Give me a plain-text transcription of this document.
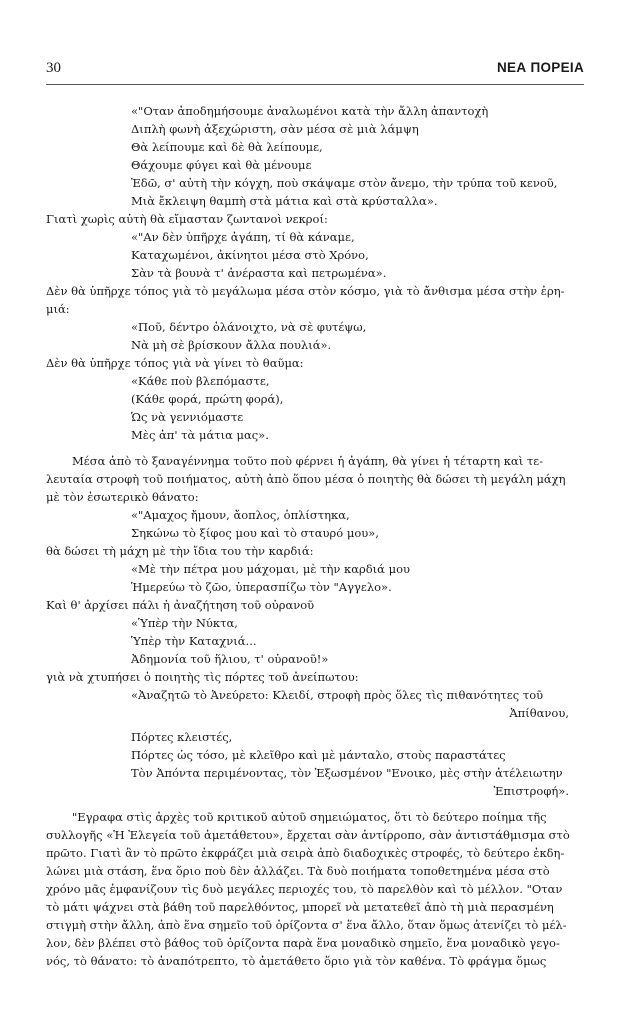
30	ΝΕΑ ΠΟΡΕΙΑ
«"Οταν ἀποδημήσουμε ἀναλωμένοι κατὰ τὴν ἄλλη ἀπαντοχὴ
Διπλὴ φωνὴ ἀξεχώριστη, σὰν μέσα σὲ μιὰ λάμψη
Θὰ λείπουμε καὶ δὲ θὰ λείπουμε,
Θάχουμε φύγει καὶ θὰ μένουμε
Ἐδῶ, σ' αὐτὴ τὴν κόγχη, ποὺ σκάψαμε στὸν ἄνεμο, τὴν τρύπα τοῦ κενοῦ,
Μιὰ ἔκλειψη θαμπὴ στὰ μάτια καὶ στὰ κρύσταλλα».
Γιατὶ χωρὶς αὐτὴ θὰ εἴμασταν ζωντανοὶ νεκροί:
«"Αν δὲν ὑπῆρχε ἀγάπη, τί θὰ κάναμε,
Καταχωμένοι, ἀκίνητοι μέσα στὸ Χρόνο,
Σὰν τὰ βουνὰ τ' ἀνέραστα καὶ πετρωμένα».
Δὲν θὰ ὑπῆρχε τόπος γιὰ τὸ μεγάλωμα μέσα στὸν κόσμο, γιὰ τὸ ἄνθισμα μέσα στὴν ἐρη-
μιά:
«Ποῦ, δέντρο ὁλάνοιχτο, νὰ σὲ φυτέψω,
Νὰ μὴ σὲ βρίσκουν ἄλλα πουλιά».
Δὲν θὰ ὑπῆρχε τόπος γιὰ νὰ γίνει τὸ θαῦμα:
«Κάθε ποὺ βλεπόμαστε,
(Κάθε φορά, πρώτη φορά),
Ὡς νὰ γεννιόμαστε
Μὲς ἀπ' τὰ μάτια μας».
Μέσα ἀπὸ τὸ ξαναγέννημα τοῦτο ποὺ φέρνει ἡ ἀγάπη, θὰ γίνει ἡ τέταρτη καὶ τε-
λευταία στροφὴ τοῦ ποιήματος, αὐτὴ ἀπὸ ὅπου μέσα ὁ ποιητὴς θὰ δώσει τὴ μεγάλη μάχη
μὲ τὸν ἐσωτερικὸ θάνατο:
«"Αμαχος ἤμουν, ἄοπλος, ὁπλίστηκα,
Σηκώνω τὸ ξίφος μου καὶ τὸ σταυρό μου»,
θὰ δώσει τὴ μάχη μὲ τὴν ἴδια του τὴν καρδιά:
«Μὲ τὴν πέτρα μου μάχομαι, μὲ τὴν καρδιά μου
Ἡμερεύω τὸ ζῶο, ὑπερασπίζω τὸν "Αγγελο».
Καὶ θ' ἀρχίσει πάλι ἡ ἀναζήτηση τοῦ οὐρανοῦ
«Ὑπὲρ τὴν Νύκτα,
Ὑπὲρ τὴν Καταχνιά...
Ἀδημονία τοῦ ἥλιου, τ' οὐρανοῦ!»
γιὰ νὰ χτυπήσει ὁ ποιητὴς τὶς πόρτες τοῦ ἀνείπωτου:
«Ἀναζητῶ τὸ Ἀνεύρετο: Κλειδί, στροφὴ πρὸς ὅλες τὶς πιθανότητες τοῦ
Ἀπίθανου,
Πόρτες κλειστές,
Πόρτες ὡς τόσο, μὲ κλεῖθρο καὶ μὲ μάνταλο, στοὺς παραστάτες
Τὸν Ἀπόντα περιμένοντας, τὸν Ἐξωσμένον "Ενοικο, μὲς στὴν ἀτέλειωτην
Ἐπιστροφή».
"Εγραφα στὶς ἀρχὲς τοῦ κριτικοῦ αὐτοῦ σημειώματος, ὅτι τὸ δεύτερο ποίημα τῆς
συλλογῆς «Ἡ Ἐλεγεία τοῦ ἀμετάθετου», ἔρχεται σὰν ἀντίρροπο, σὰν ἀντιστάθμισμα στὸ
πρῶτο. Γιατὶ ἂν τὸ πρῶτο ἐκφράζει μιὰ σειρὰ ἀπὸ διαδοχικὲς στροφές, τὸ δεύτερο ἐκδη-
λώνει μιὰ στάση, ἕνα ὅριο ποὺ δὲν ἀλλάζει. Τὰ δυὸ ποιήματα τοποθετημένα μέσα στὸ
χρόνο μᾶς ἐμφανίζουν τὶς δυὸ μεγάλες περιοχές του, τὸ παρελθὸν καὶ τὸ μέλλον. "Οταν
τὸ μάτι ψάχνει στὰ βάθη τοῦ παρελθόντος, μπορεῖ νὰ μετατεθεῖ ἀπὸ τὴ μιὰ περασμένη
στιγμὴ στὴν ἄλλη, ἀπὸ ἕνα σημεῖο τοῦ ὁρίζοντα σ' ἕνα ἄλλο, ὅταν ὅμως ἀτενίζει τὸ μέλ-
λον, δὲν βλέπει στὸ βάθος τοῦ ὁρίζοντα παρὰ ἕνα μοναδικὸ σημεῖο, ἕνα μοναδικὸ γεγο-
νός, τὸ θάνατο: τὸ ἀναπότρεπτο, τὸ ἀμετάθετο ὅριο γιὰ τὸν καθένα. Τὸ φράγμα ὅμως
